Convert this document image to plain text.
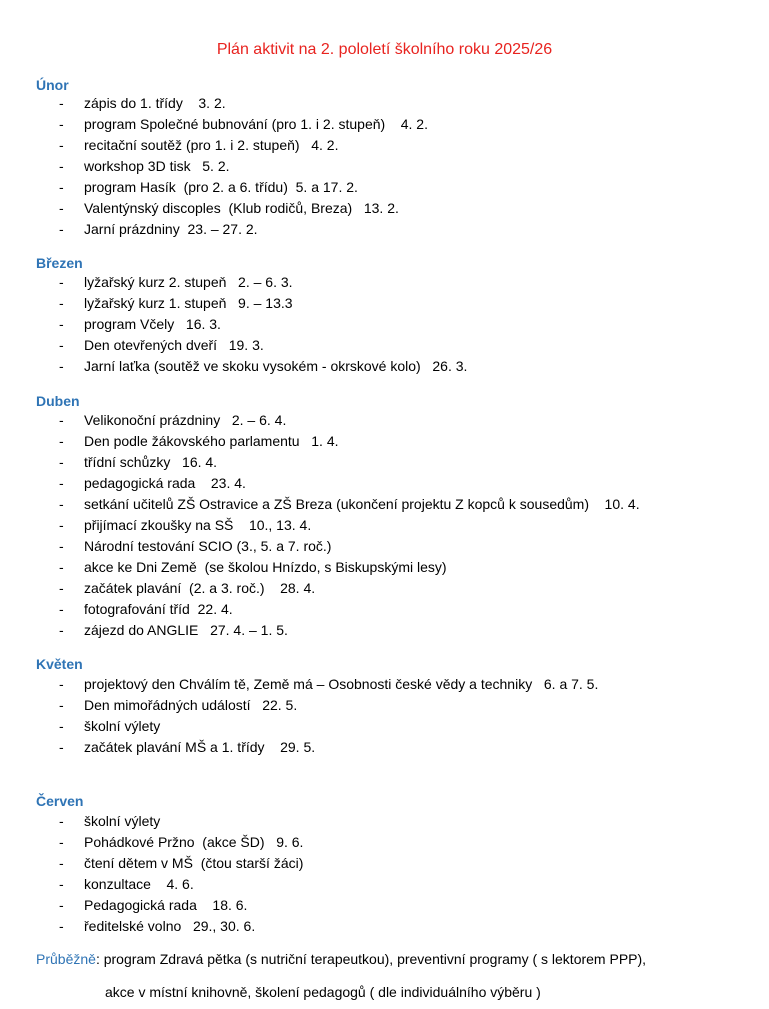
Plán aktivit na 2. pololetí školního roku 2025/26
Únor
- zápis do 1. třídy    3. 2.
- program Společné bubnování (pro 1. i 2. stupeň)    4. 2.
- recitační soutěž (pro 1. i 2. stupeň)   4. 2.
- workshop 3D tisk   5. 2.
- program Hasík  (pro 2. a 6. třídu)  5. a 17. 2.
- Valentýnský discoples  (Klub rodičů, Breza)   13. 2.
- Jarní prázdniny  23. – 27. 2.
Březen
- lyžařský kurz 2. stupeň   2. – 6. 3.
- lyžařský kurz 1. stupeň   9. – 13.3
- program Včely   16. 3.
- Den otevřených dveří   19. 3.
- Jarní laťka (soutěž ve skoku vysokém - okrskové kolo)   26. 3.
Duben
- Velikonoční prázdniny   2. – 6. 4.
- Den podle žákovského parlamentu   1. 4.
- třídní schůzky   16. 4.
- pedagogická rada    23. 4.
- setkání učitelů ZŠ Ostravice a ZŠ Breza (ukončení projektu Z kopců k sousedům)    10. 4.
- přijímací zkoušky na SŠ    10., 13. 4.
- Národní testování SCIO (3., 5. a 7. roč.)
- akce ke Dni Země  (se školou Hnízdo, s Biskupskými lesy)
- začátek plavání  (2. a 3. roč.)    28. 4.
- fotografování tříd  22. 4.
- zájezd do ANGLIE   27. 4. – 1. 5.
Květen
- projektový den Chválím tě, Země má – Osobnosti české vědy a techniky   6. a 7. 5.
- Den mimořádných událostí   22. 5.
- školní výlety
- začátek plavání MŠ a 1. třídy    29. 5.
Červen
- školní výlety
- Pohádkové Pržno  (akce ŠD)   9. 6.
- čtení dětem v MŠ  (čtou starší žáci)
- konzultace    4. 6.
- Pedagogická rada    18. 6.
- ředitelské volno   29., 30. 6.
Průběžně: program Zdravá pětka (s nutriční terapeutkou), preventivní programy ( s lektorem PPP),
akce v místní knihovně, školení pedagogů ( dle individuálního výběru )
